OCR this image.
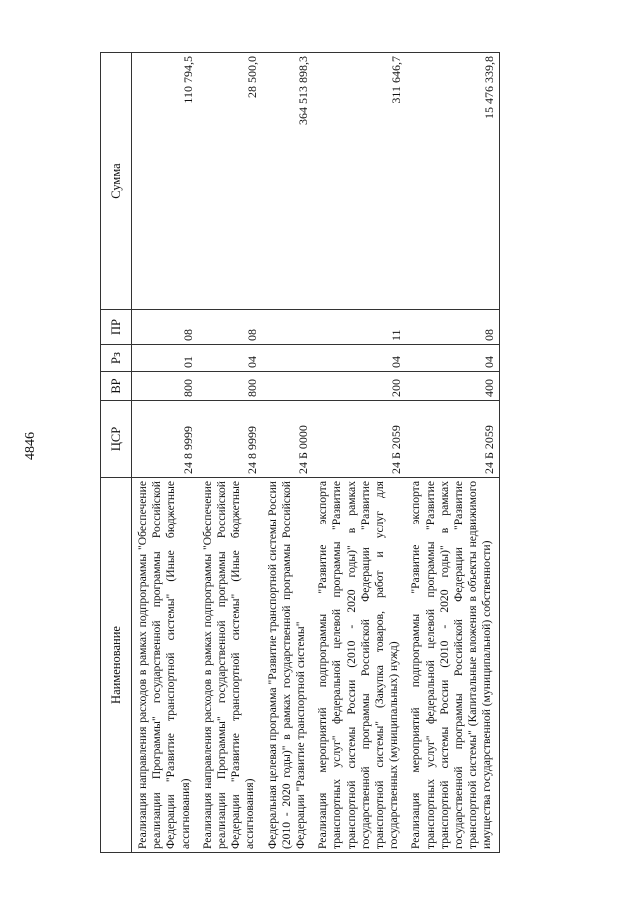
4846
Наименование	ЦСР	ВР	Рз	ПР	Сумма
Реализация направления расходов в рамках подпрограммы "Обеспечение реализации Программы" государственной программы Российской Федерации "Развитие транспортной системы" (Иные бюджетные ассигнования)	24 8 9999	800	01	08	110 794,5
Реализация направления расходов в рамках подпрограммы "Обеспечение реализации Программы" государственной программы Российской Федерации "Развитие транспортной системы" (Иные бюджетные ассигнования)	24 8 9999	800	04	08	28 500,0
Федеральная целевая программа "Развитие транспортной системы России (2010 - 2020 годы)" в рамках государственной программы Российской Федерации "Развитие транспортной системы"	24 Б 0000				364 513 898,3
Реализация мероприятий подпрограммы "Развитие экспорта транспортных услуг" федеральной целевой программы "Развитие транспортной системы России (2010 - 2020 годы)" в рамках государственной программы Российской Федерации "Развитие транспортной системы" (Закупка товаров, работ и услуг для государственных (муниципальных) нужд)	24 Б 2059	200	04	11	311 646,7
Реализация мероприятий подпрограммы "Развитие экспорта транспортных услуг" федеральной целевой программы "Развитие транспортной системы России (2010 - 2020 годы)" в рамках государственной программы Российской Федерации "Развитие транспортной системы" (Капитальные вложения в объекты недвижимого имущества государственной (муниципальной) собственности)	24 Б 2059	400	04	08	15 476 339,8
